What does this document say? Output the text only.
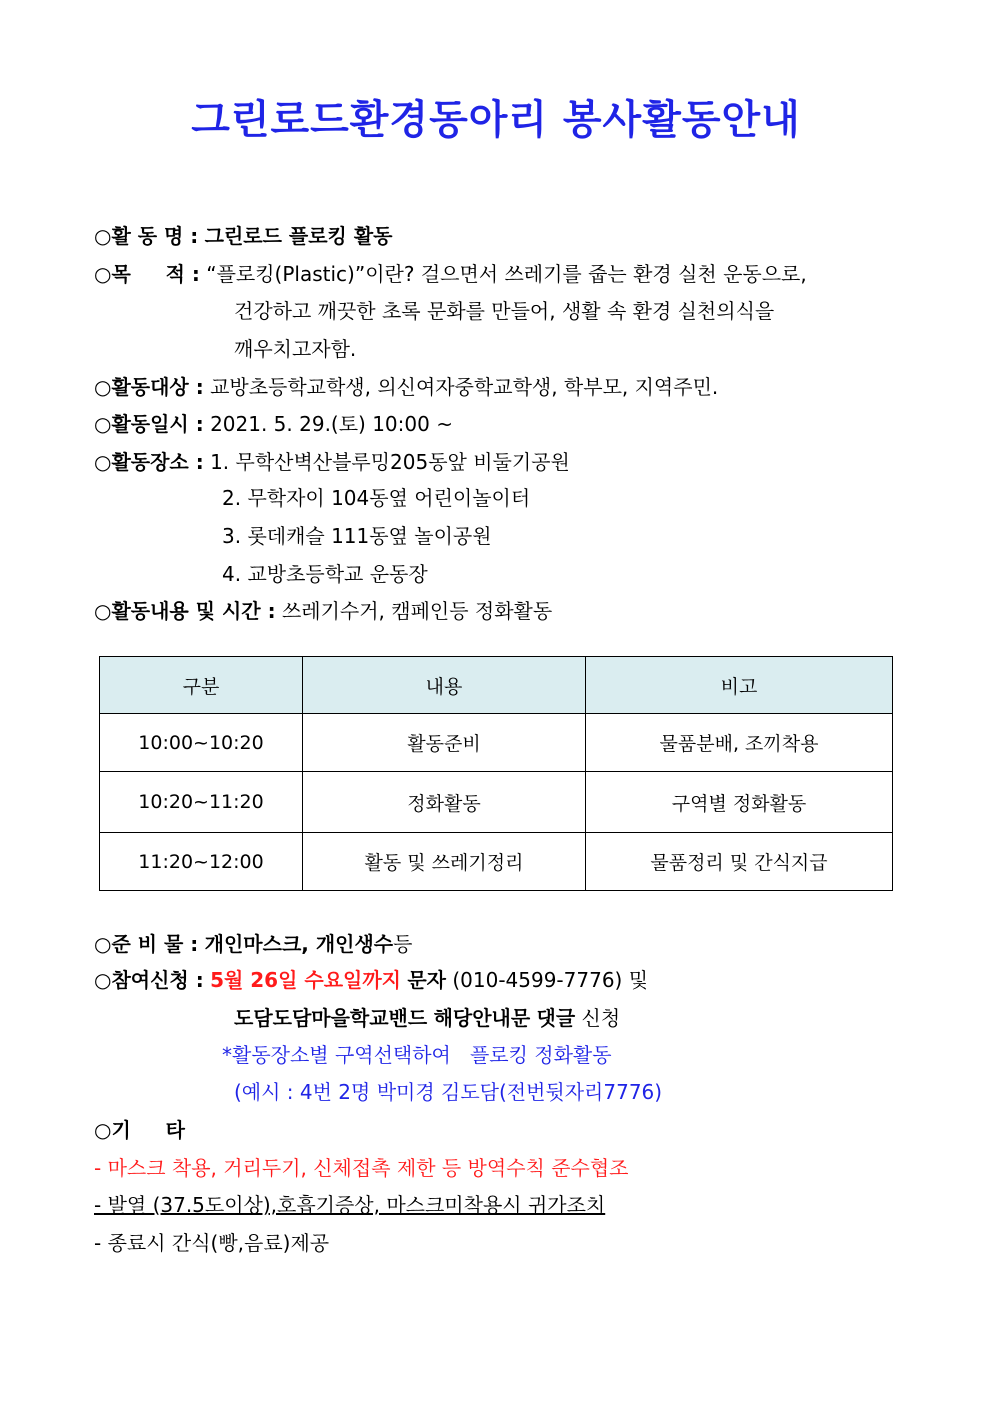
그린로드환경동아리 봉사활동안내
○활 동 명 : 그린로드 플로킹 활동
○목     적 : “플로킹(Plastic)”이란? 걸으면서 쓰레기를 줍는 환경 실천 운동으로,
건강하고 깨끗한 초록 문화를 만들어, 생활 속 환경 실천의식을
깨우치고자함.
○활동대상 : 교방초등학교학생, 의신여자중학교학생, 학부모, 지역주민.
○활동일시 : 2021. 5. 29.(토) 10:00 ~
○활동장소 : 1. 무학산벽산블루밍205동앞 비둘기공원
2. 무학자이 104동옆 어린이놀이터
3. 롯데캐슬 111동옆 놀이공원
4. 교방초등학교 운동장
○활동내용 및 시간 : 쓰레기수거, 캠페인등 정화활동
구분	내용	비고
10:00~10:20	활동준비	물품분배, 조끼착용
10:20~11:20	정화활동	구역별 정화활동
11:20~12:00	활동 및 쓰레기정리	물품정리 및 간식지급
○준 비 물 : 개인마스크, 개인생수등
○참여신청 : 5월 26일 수요일까지 문자 (010-4599-7776) 및
도담도담마을학교밴드 해당안내문 댓글 신청
*활동장소별 구역선택하여   플로킹 정화활동
(예시 : 4번 2명 박미경 김도담(전번뒷자리7776)
○기     타
- 마스크 착용, 거리두기, 신체접촉 제한 등 방역수칙 준수협조
- 발열 (37.5도이상),호흡기증상, 마스크미착용시 귀가조치
- 종료시 간식(빵,음료)제공
